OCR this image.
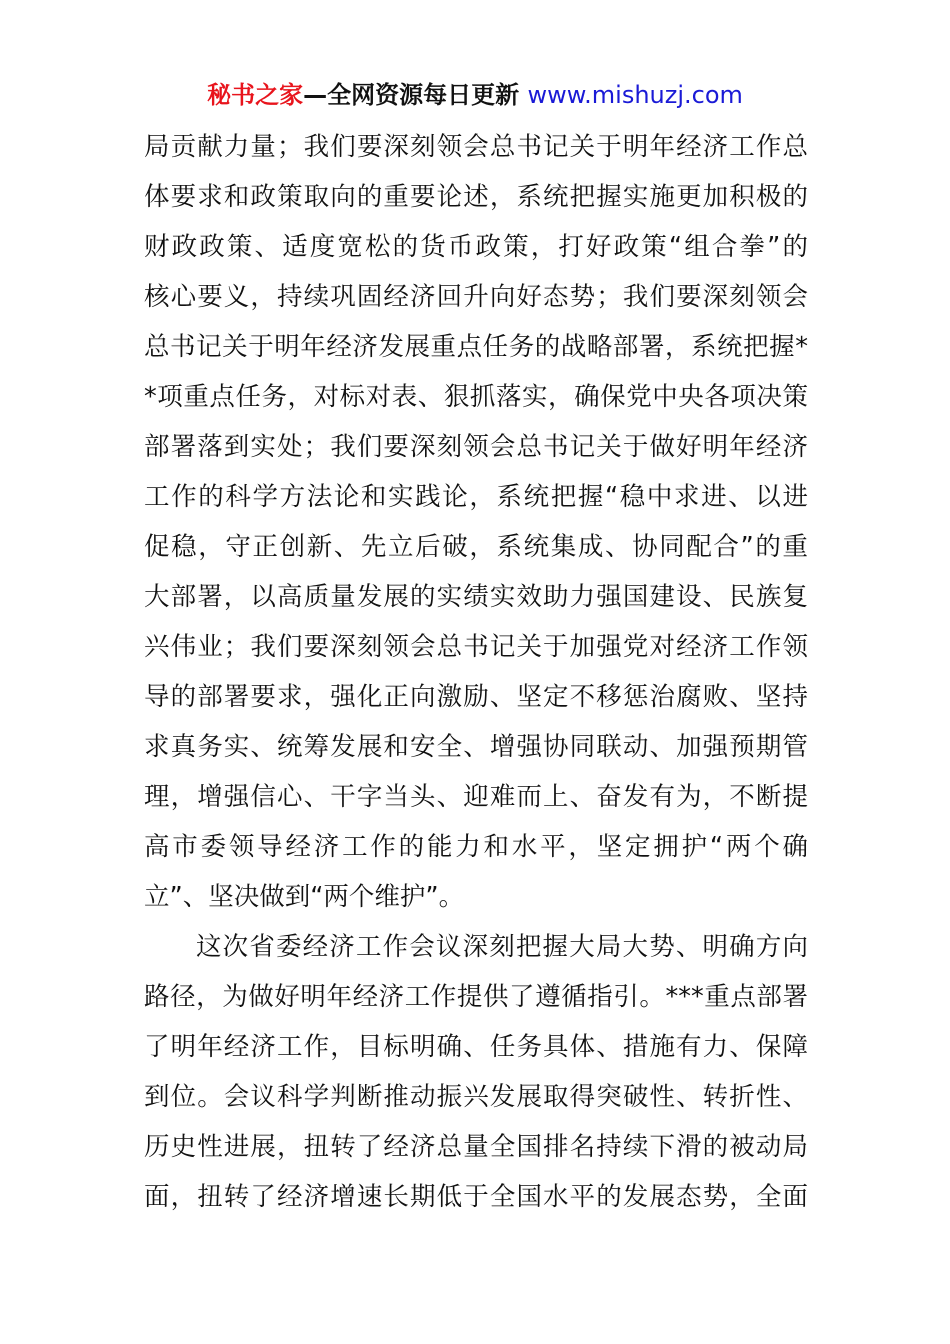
秘书之家—全网资源每日更新 www.mishuzj.com
局贡献力量；我们要深刻领会总书记关于明年经济工作总
体要求和政策取向的重要论述，系统把握实施更加积极的
财政政策、适度宽松的货币政策，打好政策“组合拳”的
核心要义，持续巩固经济回升向好态势；我们要深刻领会
总书记关于明年经济发展重点任务的战略部署，系统把握*
*项重点任务，对标对表、狠抓落实，确保党中央各项决策
部署落到实处；我们要深刻领会总书记关于做好明年经济
工作的科学方法论和实践论，系统把握“稳中求进、以进
促稳，守正创新、先立后破，系统集成、协同配合”的重
大部署，以高质量发展的实绩实效助力强国建设、民族复
兴伟业；我们要深刻领会总书记关于加强党对经济工作领
导的部署要求，强化正向激励、坚定不移惩治腐败、坚持
求真务实、统筹发展和安全、增强协同联动、加强预期管
理，增强信心、干字当头、迎难而上、奋发有为，不断提
高市委领导经济工作的能力和水平，坚定拥护“两个确
立”、坚决做到“两个维护”。
这次省委经济工作会议深刻把握大局大势、明确方向
路径，为做好明年经济工作提供了遵循指引。***重点部署
了明年经济工作，目标明确、任务具体、措施有力、保障
到位。会议科学判断推动振兴发展取得突破性、转折性、
历史性进展，扭转了经济总量全国排名持续下滑的被动局
面，扭转了经济增速长期低于全国水平的发展态势，全面
